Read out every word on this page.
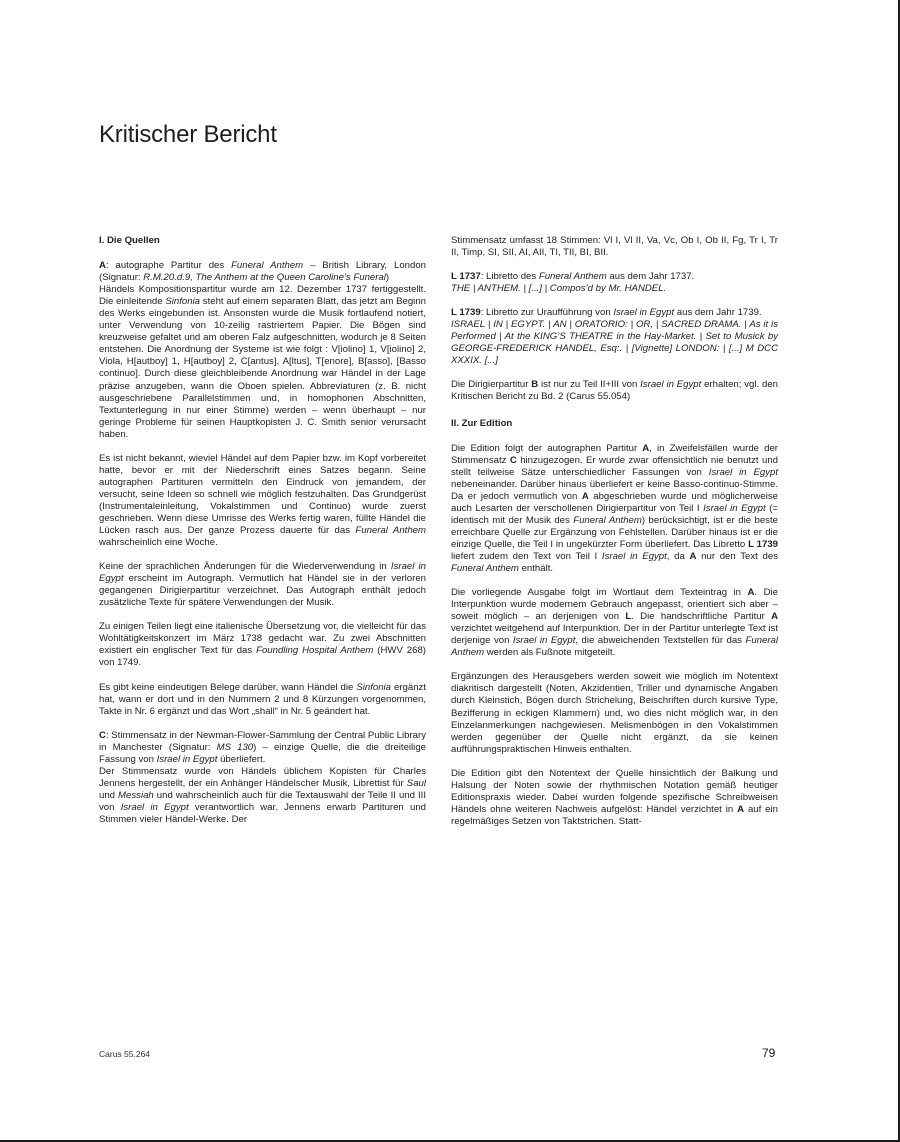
Kritischer Bericht
I. Die Quellen

A: autographe Partitur des Funeral Anthem – British Library, London (Signatur: R.M.20.d.9, The Anthem at the Queen Caroline’s Funeral)

Händels Kompositionspartitur wurde am 12. Dezember 1737 fertiggestellt. Die einleitende Sinfonia steht auf einem separaten Blatt, das jetzt am Beginn des Werks eingebunden ist. Ansonsten wurde die Musik fortlaufend notiert, unter Verwendung von 10-zeilig rastriertem Papier. Die Bögen sind kreuzweise gefaltet und am oberen Falz aufgeschnitten, wodurch je 8 Seiten entstehen. Die Anordnung der Systeme ist wie folgt : V[iolino] 1, V[iolino] 2, Viola, H[autboy] 1, H[autboy] 2, C[antus], A[ltus], T[enore], B[asso], [Basso continuo]. Durch diese gleichbleibende Anordnung war Händel in der Lage präzise anzugeben, wann die Oboen spielen. Abbreviaturen (z. B. nicht ausgeschriebene Parallelstimmen und, in homophonen Abschnitten, Textunterlegung in nur einer Stimme) werden – wenn überhaupt – nur geringe Probleme für seinen Hauptkopisten J. C. Smith senior verursacht haben.

Es ist nicht bekannt, wieviel Händel auf dem Papier bzw. im Kopf vorbereitet hatte, bevor er mit der Niederschrift eines Satzes begann. Seine autographen Partituren vermitteln den Eindruck von jemandem, der versucht, seine Ideen so schnell wie möglich festzuhalten. Das Grundgerüst (Instrumentaleinleitung, Vokalstimmen und Continuo) wurde zuerst geschrieben. Wenn diese Umrisse des Werks fertig waren, füllte Händel die Lücken rasch aus. Der ganze Prozess dauerte für das Funeral Anthem wahrscheinlich eine Woche.

Keine der sprachlichen Änderungen für die Wiederverwendung in Israel in Egypt erscheint im Autograph. Vermutlich hat Händel sie in der verloren gegangenen Dirigierpartitur verzeichnet. Das Autograph enthält jedoch zusätzliche Texte für spätere Verwendungen der Musik.

Zu einigen Teilen liegt eine italienische Übersetzung vor, die vielleicht für das Wohltätigkeitskonzert im März 1738 gedacht war. Zu zwei Abschnitten existiert ein englischer Text für das Foundling Hospital Anthem (HWV 268) von 1749.

Es gibt keine eindeutigen Belege darüber, wann Händel die Sinfonia ergänzt hat, wann er dort und in den Nummern 2 und 8 Kürzungen vorgenommen, Takte in Nr. 6 ergänzt und das Wort „shall“ in Nr. 5 geändert hat.

C: Stimmensatz in der Newman-Flower-Sammlung der Central Public Library in Manchester (Signatur: MS 130) – einzige Quelle, die die dreiteilige Fassung von Israel in Egypt überliefert.

Der Stimmensatz wurde von Händels üblichem Kopisten für Charles Jennens hergestellt, der ein Anhänger Händelscher Musik, Librettist für Saul und Messiah und wahrscheinlich auch für die Textauswahl der Teile II und III von Israel in Egypt verantwortlich war. Jennens erwarb Partituren und Stimmen vieler Händel-Werke. Der

Stimmensatz umfasst 18 Stimmen: Vl I, Vl II, Va, Vc, Ob I, Ob II, Fg, Tr I, Tr II, Timp, SI, SII, AI, AII, TI, TII, BI, BII.

L 1737: Libretto des Funeral Anthem aus dem Jahr 1737.
THE | ANTHEM. | [...] | Compos’d by Mr. HANDEL.

L 1739: Libretto zur Uraufführung von Israel in Egypt aus dem Jahr 1739.
ISRAEL | IN | EGYPT. | AN | ORATORIO: | OR, | SACRED DRAMA. | As it is Performed | At the KING’S THEATRE in the Hay-Market. | Set to Musick by GEORGE-FREDERICK HANDEL, Esq:. | [Vignette] LONDON: | [...] M DCC XXXIX. [...]

Die Dirigierpartitur B ist nur zu Teil II+III von Israel in Egypt erhalten; vgl. den Kritischen Bericht zu Bd. 2 (Carus 55.054)

II. Zur Edition

Die Edition folgt der autographen Partitur A, in Zweifelsfällen wurde der Stimmensatz C hinzugezogen. Er wurde zwar offensichtlich nie benutzt und stellt teilweise Sätze unterschiedlicher Fassungen von Israel in Egypt nebeneinander. Darüber hinaus überliefert er keine Basso-continuo-Stimme. Da er jedoch vermutlich von A abgeschrieben wurde und möglicherweise auch Lesarten der verschollenen Dirigierpartitur von Teil I Israel in Egypt (= identisch mit der Musik des Funeral Anthem) berücksichtigt, ist er die beste erreichbare Quelle zur Ergänzung von Fehlstellen. Darüber hinaus ist er die einzige Quelle, die Teil I in ungekürzter Form überliefert. Das Libretto L 1739 liefert zudem den Text von Teil I Israel in Egypt, da A nur den Text des Funeral Anthem enthält.

Die vorliegende Ausgabe folgt im Wortlaut dem Texteintrag in A. Die Interpunktion wurde modernem Gebrauch angepasst, orientiert sich aber – soweit möglich – an derjenigen von L. Die handschriftliche Partitur A verzichtet weitgehend auf Interpunktion. Der in der Partitur unterlegte Text ist derjenige von Israel in Egypt, die abweichenden Textstellen für das Funeral Anthem werden als Fußnote mitgeteilt.

Ergänzungen des Herausgebers werden soweit wie möglich im Notentext diakritisch dargestellt (Noten, Akzidentien, Triller und dynamische Angaben durch Kleinstich, Bögen durch Strichelung, Beischriften durch kursive Type, Bezifferung in eckigen Klammern) und, wo dies nicht möglich war, in den Einzelanmerkungen nachgewiesen. Melismenbögen in den Vokalstimmen werden gegenüber der Quelle nicht ergänzt, da sie keinen aufführungspraktischen Hinweis enthalten.

Die Edition gibt den Notentext der Quelle hinsichtlich der Balkung und Halsung der Noten sowie der rhythmischen Notation gemäß heutiger Editionspraxis wieder. Dabei wurden folgende spezifische Schreibweisen Händels ohne weiteren Nachweis aufgelöst: Händel verzichtet in A auf ein regelmäßiges Setzen von Taktstrichen. Statt-

Carus 55.264	79
